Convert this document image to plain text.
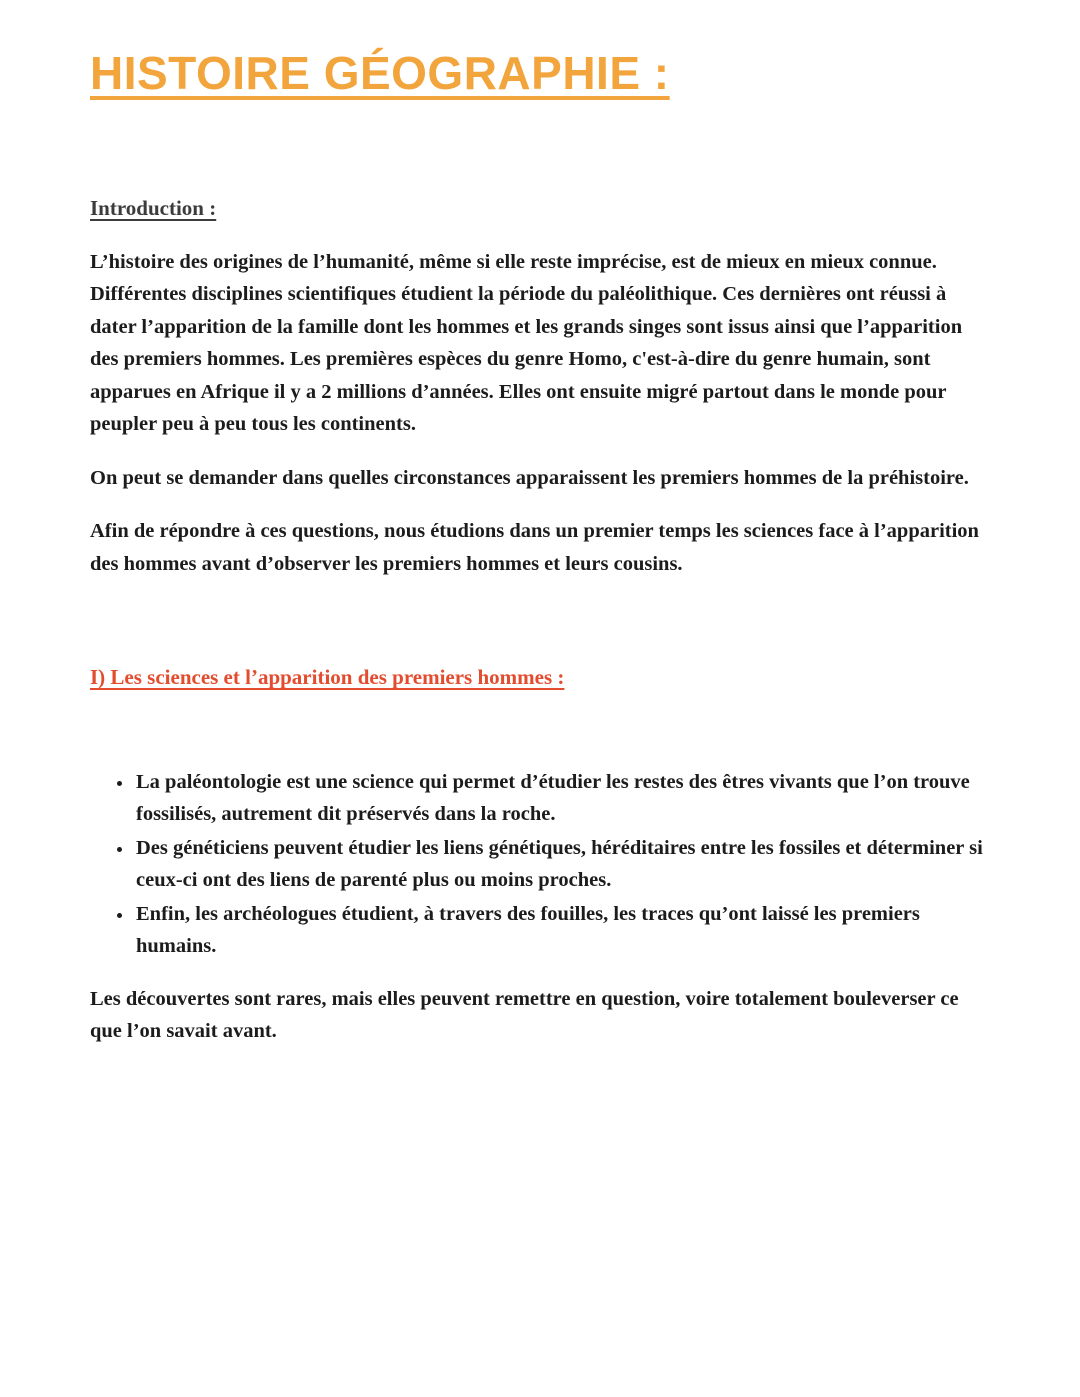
HISTOIRE GÉOGRAPHIE :
Introduction :

L’histoire des origines de l’humanité, même si elle reste imprécise, est de mieux en mieux connue. Différentes disciplines scientifiques étudient la période du paléolithique. Ces dernières ont réussi à dater l’apparition de la famille dont les hommes et les grands singes sont issus ainsi que l’apparition des premiers hommes. Les premières espèces du genre Homo, c'est-à-dire du genre humain, sont apparues en Afrique il y a 2 millions d’années. Elles ont ensuite migré partout dans le monde pour peupler peu à peu tous les continents.

On peut se demander dans quelles circonstances apparaissent les premiers hommes de la préhistoire.

Afin de répondre à ces questions, nous étudions dans un premier temps les sciences face à l’apparition des hommes avant d’observer les premiers hommes et leurs cousins.

I) Les sciences et l’apparition des premiers hommes :
• La paléontologie est une science qui permet d’étudier les restes des êtres vivants que l’on trouve fossilisés, autrement dit préservés dans la roche.
• Des généticiens peuvent étudier les liens génétiques, héréditaires entre les fossiles et déterminer si ceux-ci ont des liens de parenté plus ou moins proches.
• Enfin, les archéologues étudient, à travers des fouilles, les traces qu’ont laissé les premiers humains.

Les découvertes sont rares, mais elles peuvent remettre en question, voire totalement bouleverser ce que l’on savait avant.
